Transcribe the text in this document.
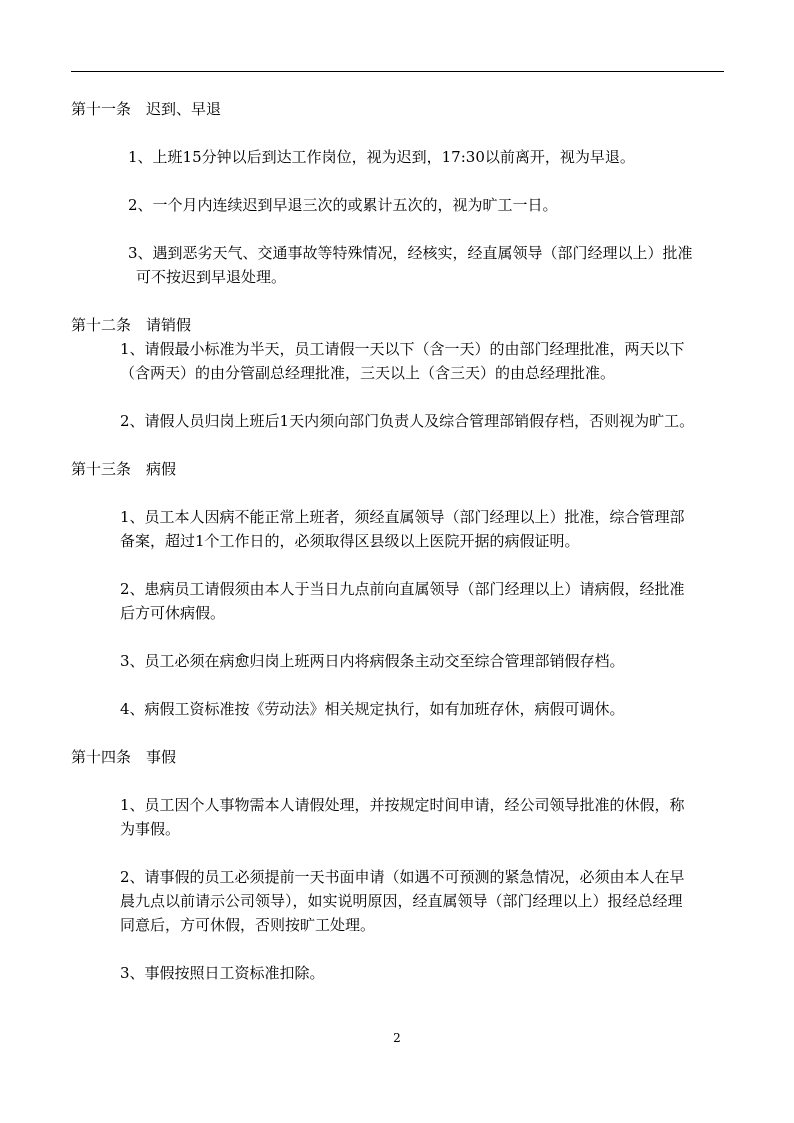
第十一条 迟到、早退
1、上班15分钟以后到达工作岗位，视为迟到，17:30以前离开，视为早退。
2、一个月内连续迟到早退三次的或累计五次的，视为旷工一日。
3、遇到恶劣天气、交通事故等特殊情况，经核实，经直属领导（部门经理以上）批准
可不按迟到早退处理。
第十二条 请销假
1、请假最小标准为半天，员工请假一天以下（含一天）的由部门经理批准，两天以下
（含两天）的由分管副总经理批准，三天以上（含三天）的由总经理批准。
2、请假人员归岗上班后1天内须向部门负责人及综合管理部销假存档，否则视为旷工。
第十三条 病假
1、员工本人因病不能正常上班者，须经直属领导（部门经理以上）批准，综合管理部
备案，超过1个工作日的，必须取得区县级以上医院开据的病假证明。
2、患病员工请假须由本人于当日九点前向直属领导（部门经理以上）请病假，经批准
后方可休病假。
3、员工必须在病愈归岗上班两日内将病假条主动交至综合管理部销假存档。
4、病假工资标准按《劳动法》相关规定执行，如有加班存休，病假可调休。
第十四条 事假
1、员工因个人事物需本人请假处理，并按规定时间申请，经公司领导批准的休假，称
为事假。
2、请事假的员工必须提前一天书面申请（如遇不可预测的紧急情况，必须由本人在早
晨九点以前请示公司领导），如实说明原因，经直属领导（部门经理以上）报经总经理
同意后，方可休假，否则按旷工处理。
3、事假按照日工资标准扣除。
2
